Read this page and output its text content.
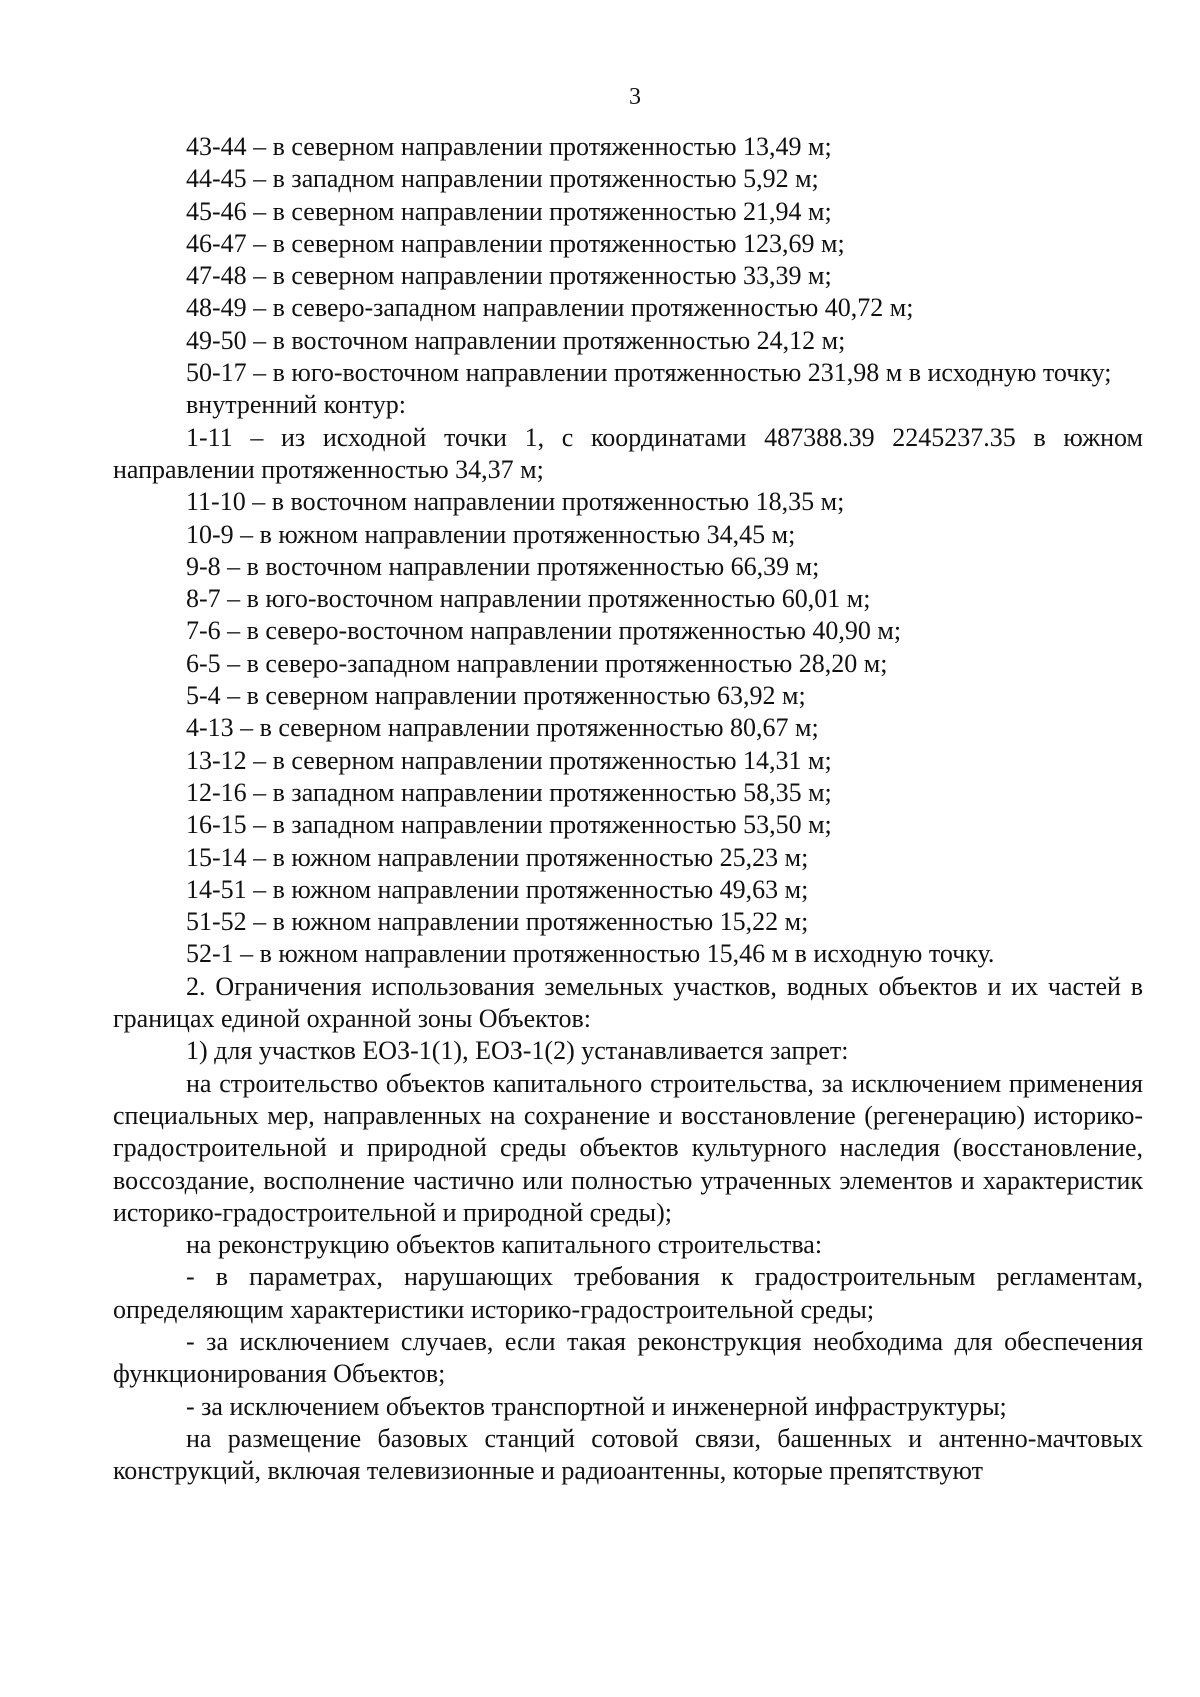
3

43-44 – в северном направлении протяженностью 13,49 м;

44-45 – в западном направлении протяженностью 5,92 м;

45-46 – в северном направлении протяженностью 21,94 м;

46-47 – в северном направлении протяженностью 123,69 м;

47-48 – в северном направлении протяженностью 33,39 м;

48-49 – в северо-западном направлении протяженностью 40,72 м;

49-50 – в восточном направлении протяженностью 24,12 м;

50-17 – в юго-восточном направлении протяженностью 231,98 м в исходную точку;

внутренний контур:

1-11 – из исходной точки 1, с координатами 487388.39 2245237.35 в южном направлении протяженностью 34,37 м;

11-10 – в восточном направлении протяженностью 18,35 м;

10-9 – в южном направлении протяженностью 34,45 м;

9-8 – в восточном направлении протяженностью 66,39 м;

8-7 – в юго-восточном направлении протяженностью 60,01 м;

7-6 – в северо-восточном направлении протяженностью 40,90 м;

6-5 – в северо-западном направлении протяженностью 28,20 м;

5-4 – в северном направлении протяженностью 63,92 м;

4-13 – в северном направлении протяженностью 80,67 м;

13-12 – в северном направлении протяженностью 14,31 м;

12-16 – в западном направлении протяженностью 58,35 м;

16-15 – в западном направлении протяженностью 53,50 м;

15-14 – в южном направлении протяженностью 25,23 м;

14-51 – в южном направлении протяженностью 49,63 м;

51-52 – в южном направлении протяженностью 15,22 м;

52-1 – в южном направлении протяженностью 15,46 м в исходную точку.

2. Ограничения использования земельных участков, водных объектов и их частей в границах единой охранной зоны Объектов:

1) для участков ЕОЗ-1(1), ЕОЗ-1(2) устанавливается запрет:

на строительство объектов капитального строительства, за исключением применения специальных мер, направленных на сохранение и восстановление (регенерацию) историко-градостроительной и природной среды объектов культурного наследия (восстановление, воссоздание, восполнение частично или полностью утраченных элементов и характеристик историко-градостроительной и природной среды);

на реконструкцию объектов капитального строительства:

- в параметрах, нарушающих требования к градостроительным регламентам, определяющим характеристики историко-градостроительной среды;

- за исключением случаев, если такая реконструкция необходима для обеспечения функционирования Объектов;

- за исключением объектов транспортной и инженерной инфраструктуры;

на размещение базовых станций сотовой связи, башенных и антенно-мачтовых конструкций, включая телевизионные и радиоантенны, которые препятствуют
